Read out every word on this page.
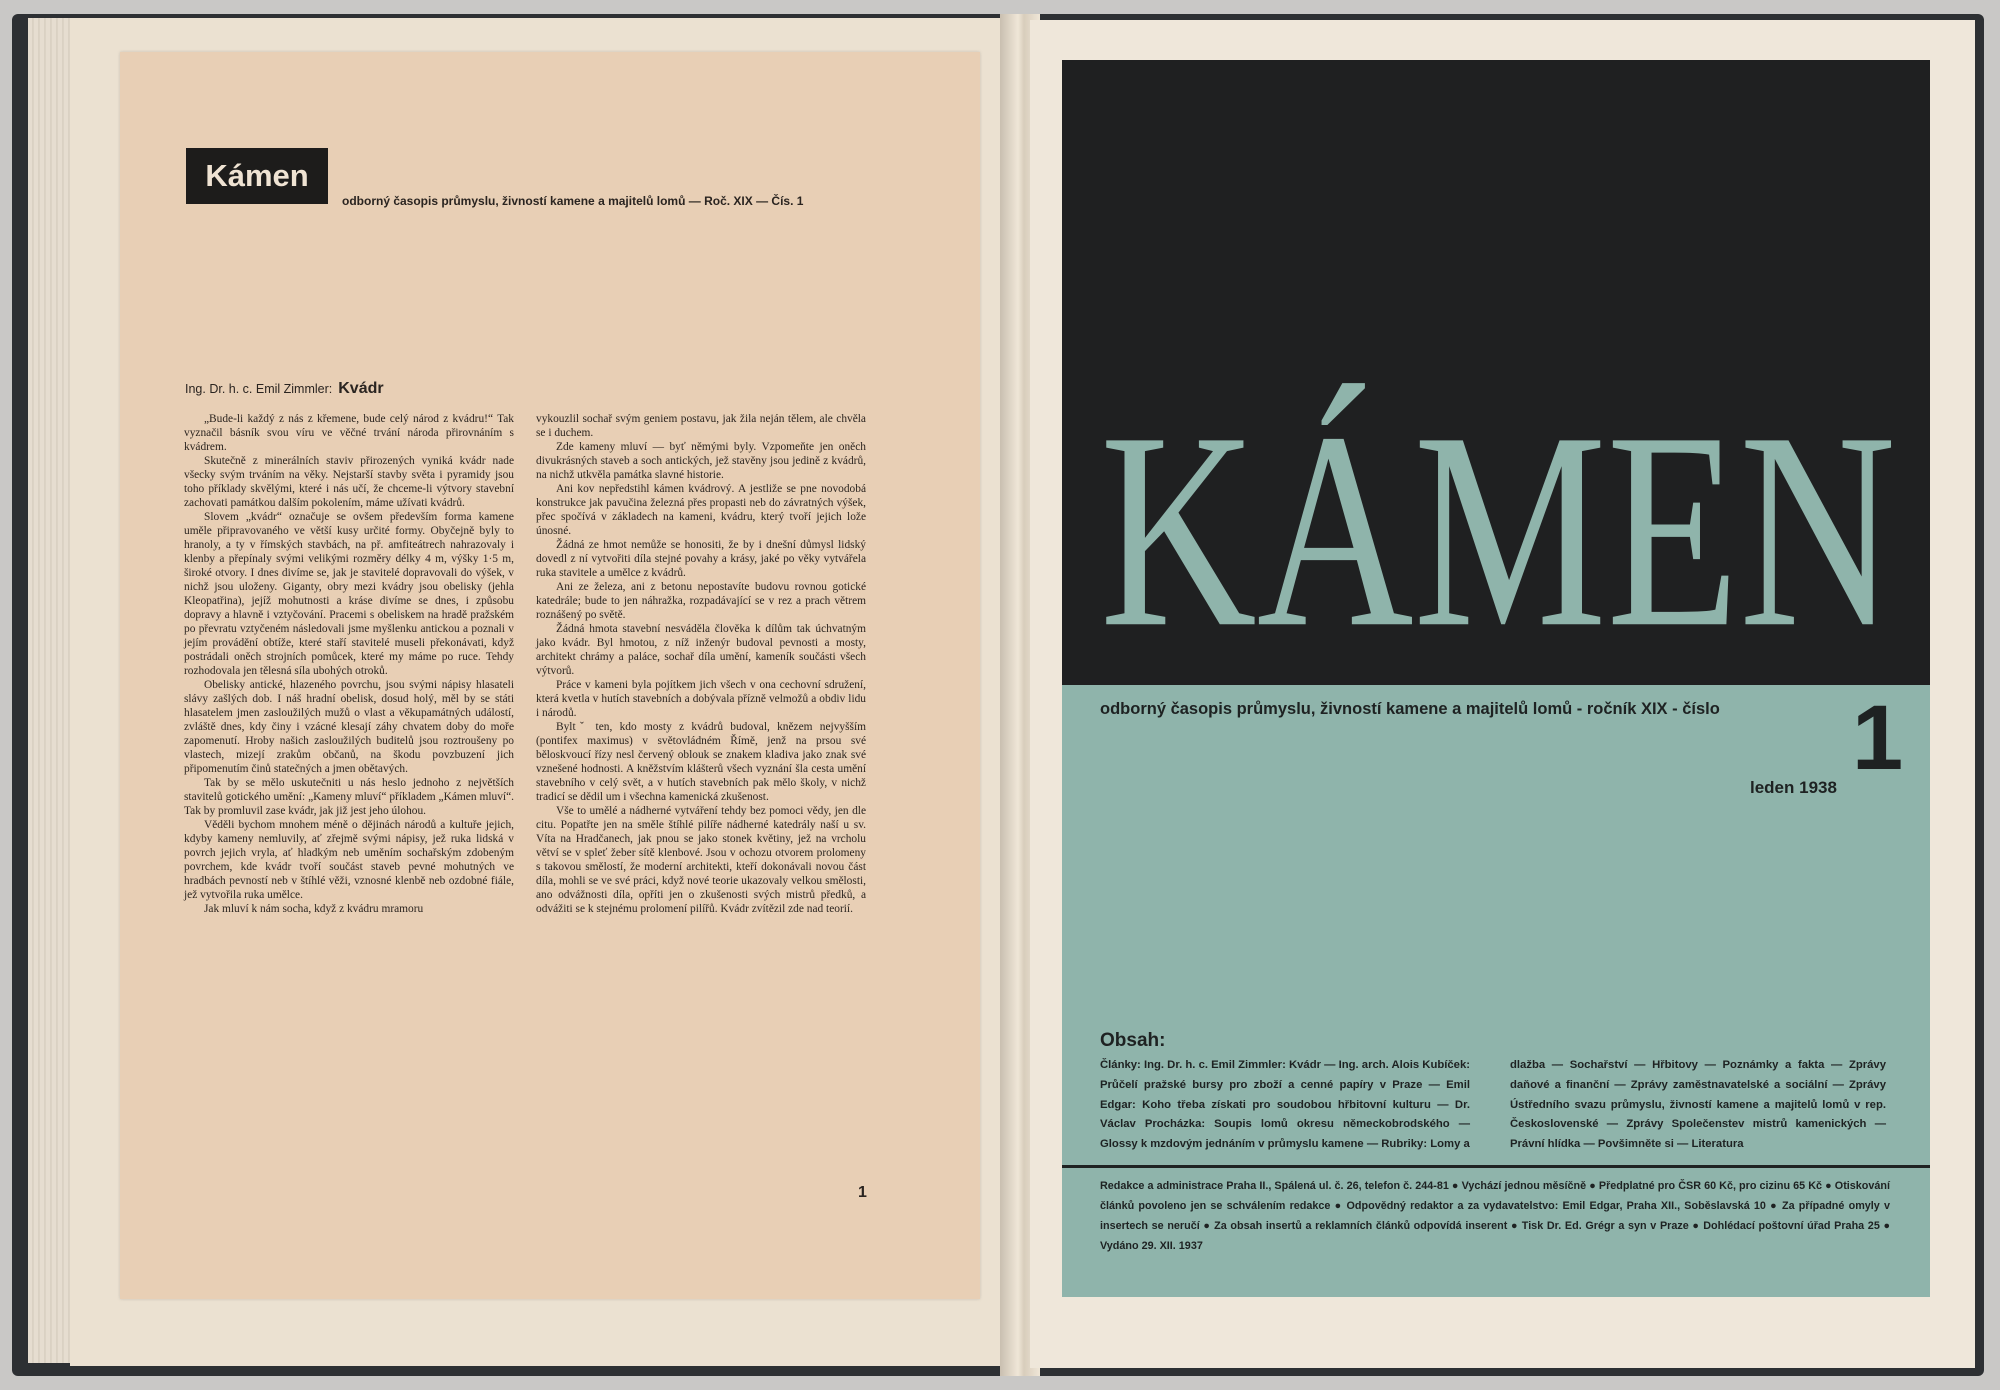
Kámen
odborný časopis průmyslu, živností kamene a majitelů lomů — Roč. XIX — Čís. 1
Ing. Dr. h. c. Emil Zimmler: Kvádr

„Bude-li každý z nás z křemene, bude celý národ z kvádru!“ Tak vyznačil básník svou víru ve věčné trvání národa přirovnáním s kvádrem.

Skutečně z minerálních staviv přirozených vyniká kvádr nade všecky svým trváním na věky. Nejstarší stavby světa i pyramidy jsou toho příklady skvělými, které i nás učí, že chceme-li výtvory stavební zachovati památkou dalším pokolením, máme užívati kvádrů.

Slovem „kvádr“ označuje se ovšem především forma kamene uměle připravovaného ve větší kusy určité formy. Obyčejně byly to hranoly, a ty v římských stavbách, na př. amfiteátrech nahrazovaly i klenby a přepínaly svými velikými rozměry délky 4 m, výšky 1·5 m, široké otvory. I dnes divíme se, jak je stavitelé dopravovali do výšek, v nichž jsou uloženy. Giganty, obry mezi kvádry jsou obelisky (jehla Kleopatřina), jejíž mohutnosti a kráse divíme se dnes, i způsobu dopravy a hlavně i vztyčování. Pracemi s obeliskem na hradě pražském po převratu vztyčeném následovali jsme myšlenku antickou a poznali v jejím provádění obtíže, které staří stavitelé museli překonávati, když postrádali oněch strojních pomůcek, které my máme po ruce. Tehdy rozhodovala jen tělesná síla ubohých otroků.

Obelisky antické, hlazeného povrchu, jsou svými nápisy hlasateli slávy zašlých dob. I náš hradní obelisk, dosud holý, měl by se státi hlasatelem jmen zasloužilých mužů o vlast a věkupamátných událostí, zvláště dnes, kdy činy i vzácné klesají záhy chvatem doby do moře zapomenutí. Hroby našich zasloužilých buditelů jsou roztroušeny po vlastech, mizejí zrakům občanů, na škodu povzbuzení jich připomenutím činů statečných a jmen obětavých.

Tak by se mělo uskutečniti u nás heslo jednoho z největších stavitelů gotického umění: „Kameny mluví“ příkladem „Kámen mluví“. Tak by promluvil zase kvádr, jak již jest jeho úlohou.

Věděli bychom mnohem méně o dějinách národů a kultuře jejich, kdyby kameny nemluvily, ať zřejmě svými nápisy, jež ruka lidská v povrch jejich vryla, ať hladkým neb uměním sochařským zdobeným povrchem, kde kvádr tvoří součást staveb pevné mohutných ve hradbách pevností neb v štíhlé věži, vznosné klenbě neb ozdobné fiále, jež vytvořila ruka umělce.

Jak mluví k nám socha, když z kvádru mramoru

vykouzlil sochař svým geniem postavu, jak žila neján tělem, ale chvěla se i duchem.

Zde kameny mluví — byť němými byly. Vzpomeňte jen oněch divukrásných staveb a soch antických, jež stavěny jsou jedině z kvádrů, na nichž utkvěla památka slavné historie.

Ani kov nepředstihl kámen kvádrový. A jestliže se pne novodobá konstrukce jak pavučina železná přes propasti neb do závratných výšek, přec spočívá v základech na kameni, kvádru, který tvoří jejich lože únosné.

Žádná ze hmot nemůže se honositi, že by i dnešní důmysl lidský dovedl z ní vytvořiti díla stejné povahy a krásy, jaké po věky vytvářela ruka stavitele a umělce z kvádrů.

Ani ze železa, ani z betonu nepostavíte budovu rovnou gotické katedrále; bude to jen náhražka, rozpadávající se v rez a prach větrem roznášený po světě.

Žádná hmota stavební nesváděla člověka k dílům tak úchvatným jako kvádr. Byl hmotou, z níž inženýr budoval pevnosti a mosty, architekt chrámy a paláce, sochař díla umění, kameník součásti všech výtvorů.

Práce v kameni byla pojítkem jich všech v ona cechovní sdružení, která kvetla v hutích stavebních a dobývala přízně velmožů a obdiv lidu i národů.

Byltˇ ten, kdo mosty z kvádrů budoval, knězem nejvyšším (pontifex maximus) v světovládném Římě, jenž na prsou své běloskvoucí řízy nesl červený oblouk se znakem kladiva jako znak své vznešené hodnosti. A kněžstvím klášterů všech vyznání šla cesta umění stavebního v celý svět, a v hutích stavebních pak mělo školy, v nichž tradicí se dědil um i všechna kamenická zkušenost.

Vše to umělé a nádherné vytváření tehdy bez pomoci vědy, jen dle citu. Popatřte jen na směle štíhlé pilíře nádherné katedrály naší u sv. Víta na Hradčanech, jak pnou se jako stonek květiny, jež na vrcholu větví se v spleť žeber sítě klenbové. Jsou v ochozu otvorem prolomeny s takovou smělostí, že moderní architekti, kteří dokonávali novou část díla, mohli se ve své práci, když nové teorie ukazovaly velkou smělosti, ano odvážnosti díla, opříti jen o zkušenosti svých mistrů předků, a odvážiti se k stejnému prolomení pilířů. Kvádr zvítězil zde nad teorií.

1
KÁMEN
odborný časopis průmyslu, živností kamene a majitelů lomů - ročník XIX - číslo 1
leden 1938
Obsah:
Články: Ing. Dr. h. c. Emil Zimmler: Kvádr — Ing. arch. Alois Kubíček: Průčelí pražské bursy pro zboží a cenné papíry v Praze — Emil Edgar: Koho třeba získati pro soudobou hřbitovní kulturu — Dr. Václav Procházka: Soupis lomů okresu německobrodského — Glossy k mzdovým jednáním v průmyslu kamene — Rubriky: Lomy a
dlažba — Sochařství — Hřbitovy — Poznámky a fakta — Zprávy daňové a finanční — Zprávy zaměstnavatelské a sociální — Zprávy Ústředního svazu průmyslu, živností kamene a majitelů lomů v rep. Československé — Zprávy Společenstev mistrů kamenických — Právní hlídka — Povšimněte si — Literatura
Redakce a administrace Praha II., Spálená ul. č. 26, telefon č. 244-81 ● Vychází jednou měsíčně ● Předplatné pro ČSR 60 Kč, pro cizinu 65 Kč ● Otiskování článků povoleno jen se schválením redakce ● Odpovědný redaktor a za vydavatelstvo: Emil Edgar, Praha XII., Soběslavská 10 ● Za případné omyly v insertech se neručí ● Za obsah insertů a reklamních článků odpovídá inserent ● Tisk Dr. Ed. Grégr a syn v Praze ● Dohlédací poštovní úřad Praha 25 ● Vydáno 29. XII. 1937
